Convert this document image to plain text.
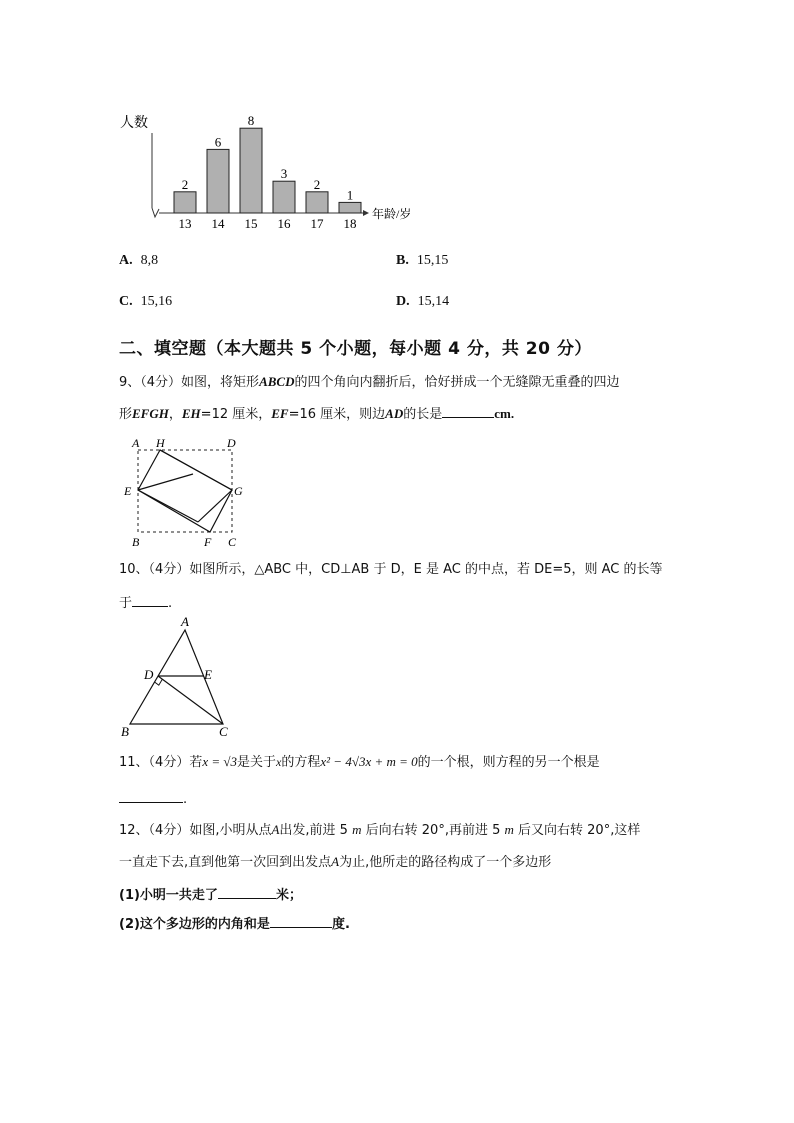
人数
年龄/岁
2
13
6
14
8
15
3
16
2
17
1
18
A. 8,8	B. 15,15
C. 15,16	D. 15,14
二、填空题（本大题共 5 个小题，每小题 4 分，共 20 分）
9、（4分）如图，将矩形ABCD的四个角向内翻折后，恰好拼成一个无缝隙无重叠的四边
形EFGH，EH=12 厘米，EF=16 厘米，则边AD的长是	cm.
A H	D
E	G
B	F C
10、（4分）如图所示，△ABC 中，CD⊥AB 于 D，E 是 AC 的中点，若 DE=5，则 AC 的长等
于	.
A
D	E
B	C
11、（4分）若x = √3是关于x的方程x² − 4√3x + m = 0的一个根，则方程的另一个根是
.
12、（4分）如图,小明从点A出发,前进 5 m 后向右转 20°,再前进 5 m 后又向右转 20°,这样
一直走下去,直到他第一次回到出发点A为止,他所走的路径构成了一个多边形
(1)小明一共走了	米；
(2)这个多边形的内角和是	度.
